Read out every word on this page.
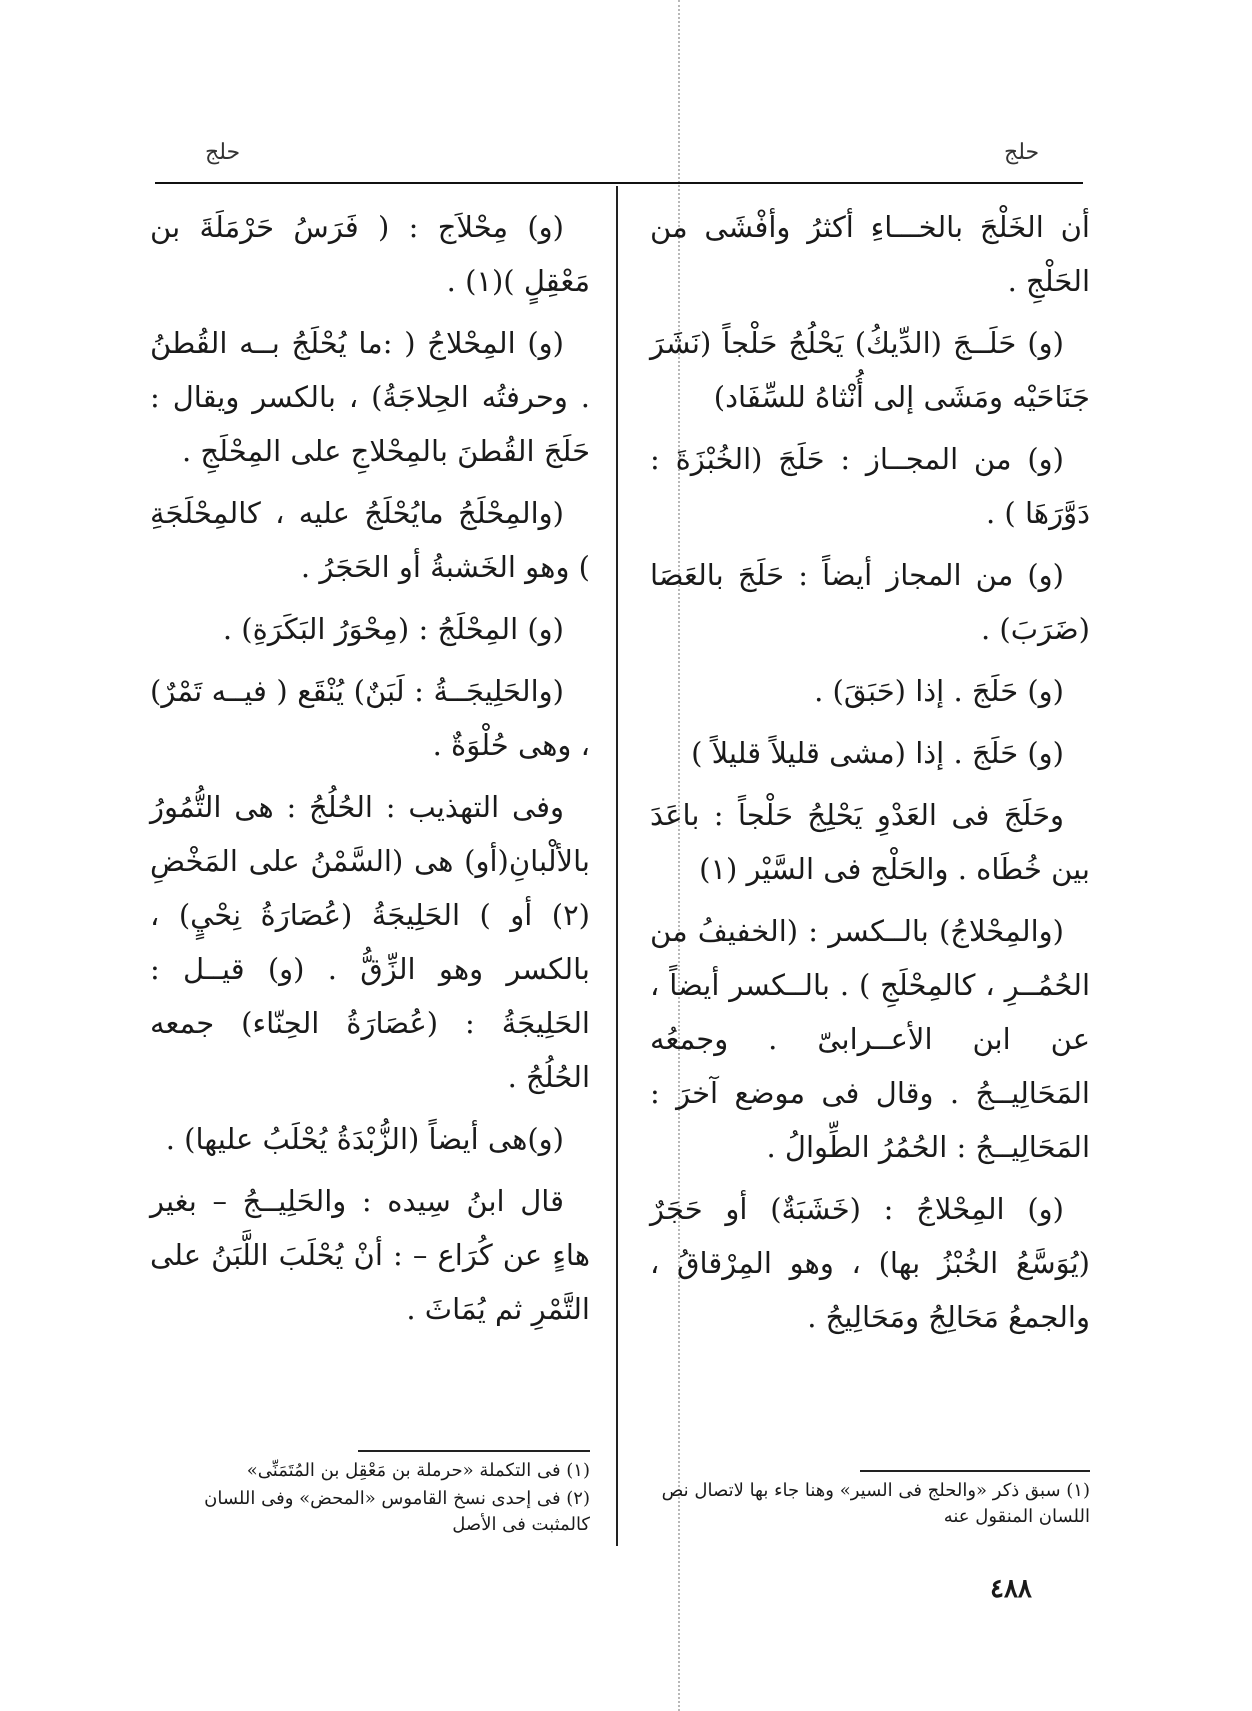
حلج	حلج

أن الخَلْجَ بالخـــاءِ أكثرُ وأفْشَى من الحَلْجِ .

(و) حَلَــجَ (الدِّيكُ) يَحْلُجُ حَلْجاً (نَشَرَ جَنَاحَيْه ومَشَى إلى أُنْثاهُ للسِّفَاد)

(و) من المجــاز : حَلَجَ (الخُبْزَةَ : دَوَّرَهَا ) .

(و) من المجاز أيضاً : حَلَجَ بالعَصَا (ضَرَبَ) .

(و) حَلَجَ . إذا (حَبَقَ) .

(و) حَلَجَ . إذا (مشى قليلاً قليلاً )

وحَلَجَ فى العَدْوِ يَحْلِجُ حَلْجاً : باعَدَ بين خُطَاه . والحَلْج فى السَّيْر (١)

(والمِحْلاجُ) بالــكسر : (الخفيفُ من الحُمُــرِ ، كالمِحْلَجِ ) . بالــكسر أيضاً ، عن ابن الأعــرابىّ . وجمعُه المَحَالِيــجُ . وقال فى موضع آخرَ : المَحَالِيــجُ : الحُمُرُ الطِّوالُ .

(و) المِحْلاجُ : (خَشَبَةٌ) أو حَجَرٌ (يُوَسَّعُ الخُبْزُ بها) ، وهو المِرْقاقُ ، والجمعُ مَحَالِجُ ومَحَالِيجُ .

(و) مِحْلاَج : ( فَرَسُ حَرْمَلَةَ بن مَعْقِلٍ )(١) .

(و) المِحْلاجُ ( :ما يُحْلَجُ بــه القُطنُ . وحرفتُه الحِلاجَةُ) ، بالكسر ويقال : حَلَجَ القُطنَ بالمِحْلاجِ على المِحْلَجِ .

(والمِحْلَجُ مايُحْلَجُ عليه ، كالمِحْلَجَةِ ) وهو الخَشبةُ أو الحَجَرُ .

(و) المِحْلَجُ : (مِحْوَرُ البَكَرَةِ) .

(والحَلِيجَــةُ : لَبَنٌ) يُنْقَع ( فيــه تَمْرٌ) ، وهى حُلْوَةٌ .

وفى التهذيب : الحُلُجُ : هى التُّمُورُ بالألْبانِ(أو) هى (السَّمْنُ على المَخْضِ (٢) أو ) الحَلِيجَةُ (عُصَارَةُ نِحْيٍ) ، بالكسر وهو الزِّقُّ . (و) قيــل : الحَلِيجَةُ : (عُصَارَةُ الحِنّاء) جمعه الحُلُجُ .

(و)هى أيضاً (الزُّبْدَةُ يُحْلَبُ عليها) .

قال ابنُ سِيده : والحَلِيــجُ – بغير هاءٍ عن كُرَاع – : أنْ يُحْلَبَ اللَّبَنُ على التَّمْرِ ثم يُمَاثَ .

(١) فى التكملة «حرملة بن مَعْقِل بن المُتَمَنِّى»

(٢) فى إحدى نسخ القاموس «المحض» وفى اللسان كالمثبت فى الأصل

(١) سبق ذكر «والحلج فى السير» وهنا جاء بها لاتصال نص اللسان المنقول عنه

٤٨٨
